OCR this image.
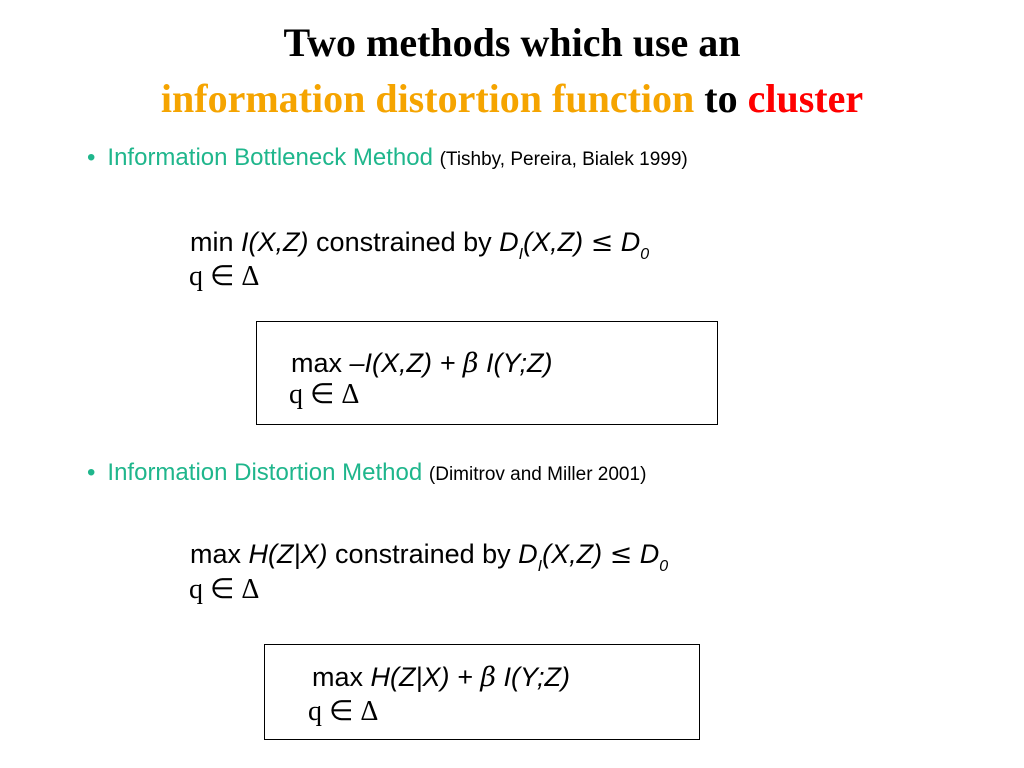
Two methods which use an
information distortion function to cluster
• Information Bottleneck Method (Tishby, Pereira, Bialek 1999)
min I(X,Z) constrained by $D_I(X,Z) \le D_0$
q ∈ Δ
max –I(X,Z) + β I(Y;Z)
q ∈ Δ
• Information Distortion Method (Dimitrov and Miller 2001)
max H(Z|X) constrained by $D_I(X,Z) \le D_0$
q ∈ Δ
max H(Z|X) + β I(Y;Z)
q ∈ Δ
